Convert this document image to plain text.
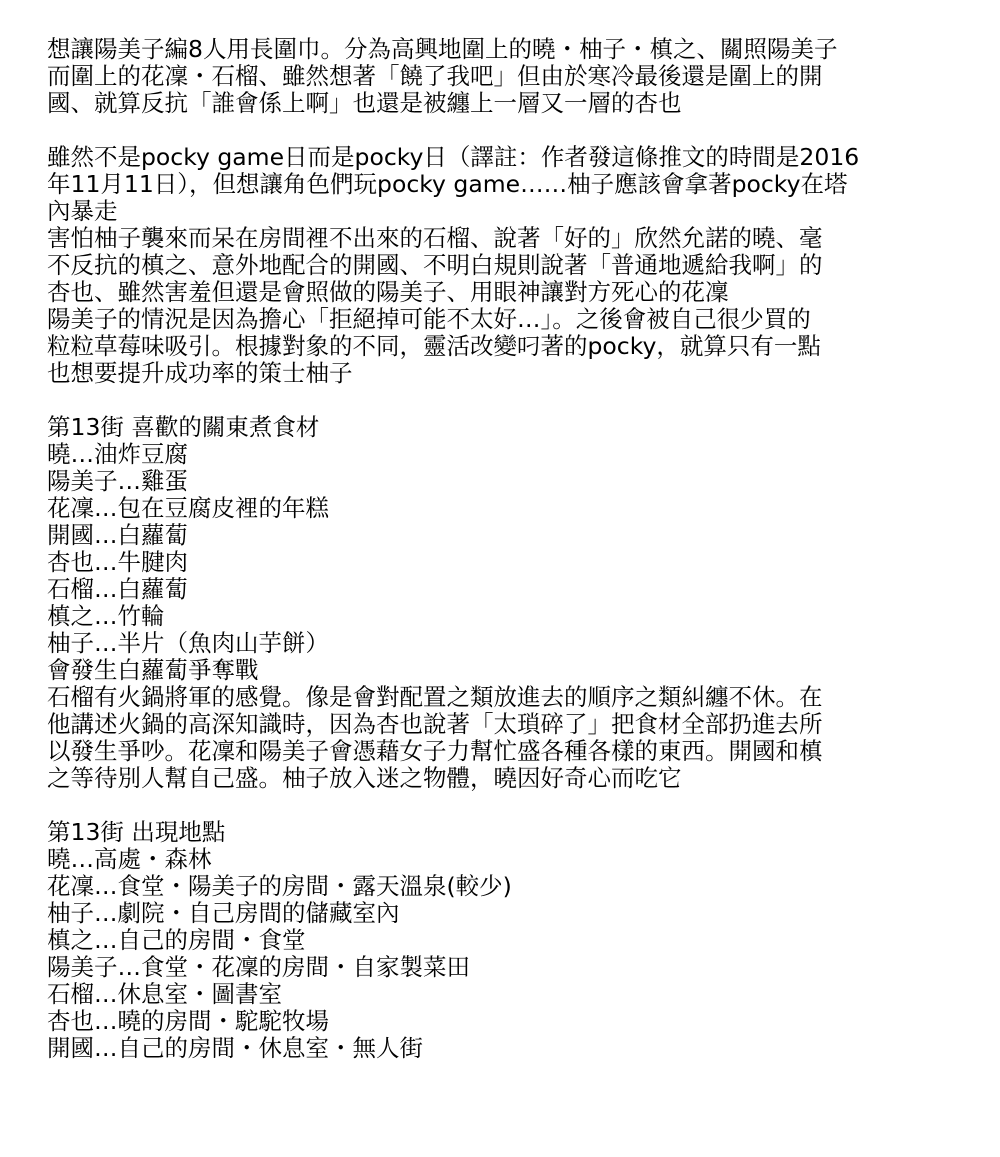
想讓陽美子編8人用長圍巾。分為高興地圍上的曉・柚子・槙之、關照陽美子
而圍上的花凜・石榴、雖然想著「饒了我吧」但由於寒冷最後還是圍上的開
國、就算反抗「誰會係上啊」也還是被纏上一層又一層的杏也
雖然不是pocky game日而是pocky日（譯註：作者發這條推文的時間是2016
年11月11日），但想讓角色們玩pocky game……柚子應該會拿著pocky在塔
內暴走
害怕柚子襲來而呆在房間裡不出來的石榴、說著「好的」欣然允諾的曉、毫
不反抗的槙之、意外地配合的開國、不明白規則說著「普通地遞給我啊」的
杏也、雖然害羞但還是會照做的陽美子、用眼神讓對方死心的花凜
陽美子的情況是因為擔心「拒絕掉可能不太好…」。之後會被自己很少買的
粒粒草莓味吸引。根據對象的不同，靈活改變叼著的pocky，就算只有一點
也想要提升成功率的策士柚子
第13街 喜歡的關東煮食材
曉…油炸豆腐
陽美子…雞蛋
花凜…包在豆腐皮裡的年糕
開國…白蘿蔔
杏也…牛腱肉
石榴…白蘿蔔
槙之…竹輪
柚子…半片（魚肉山芋餅）
會發生白蘿蔔爭奪戰
石榴有火鍋將軍的感覺。像是會對配置之類放進去的順序之類糾纏不休。在
他講述火鍋的高深知識時，因為杏也說著「太瑣碎了」把食材全部扔進去所
以發生爭吵。花凜和陽美子會憑藉女子力幫忙盛各種各樣的東西。開國和槙
之等待別人幫自己盛。柚子放入迷之物體，曉因好奇心而吃它
第13街 出現地點
曉…高處・森林
花凜…食堂・陽美子的房間・露天溫泉(較少)
柚子…劇院・自己房間的儲藏室內
槙之…自己的房間・食堂
陽美子…食堂・花凜的房間・自家製菜田
石榴…休息室・圖書室
杏也…曉的房間・駝駝牧場
開國…自己的房間・休息室・無人街
